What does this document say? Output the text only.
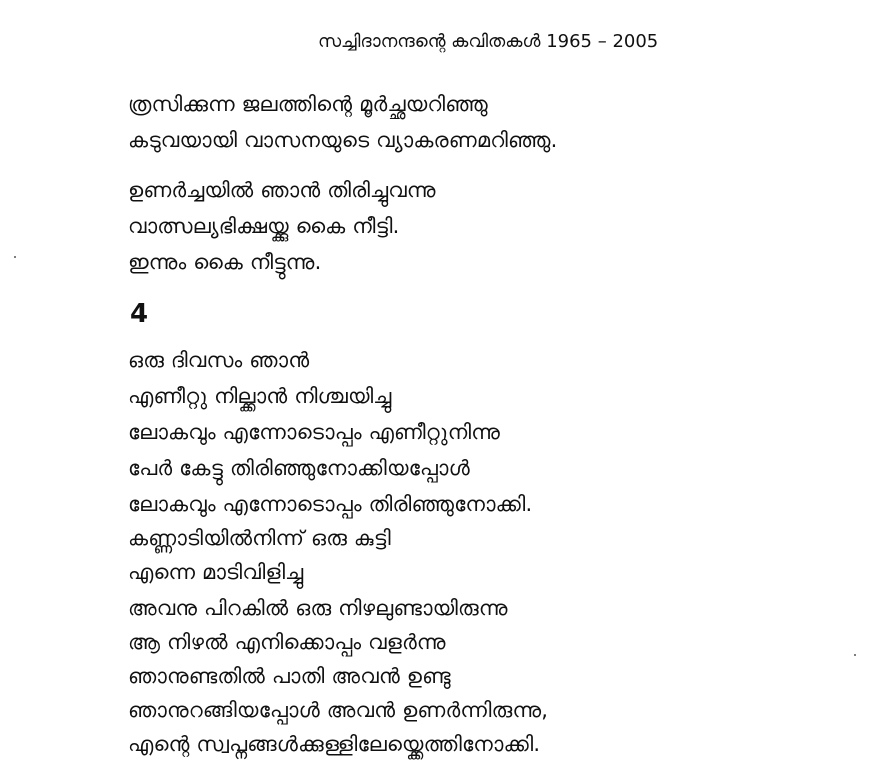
സച്ചിദാനന്ദന്റെ കവിതകൾ 1965 – 2005
ത്രസിക്കുന്ന ജലത്തിന്റെ മൂർച്ഛയറിഞ്ഞു
കടുവയായി വാസനയുടെ വ്യാകരണമറിഞ്ഞു.
ഉണർച്ചയിൽ ഞാൻ തിരിച്ചുവന്നു
വാത്സല്യഭിക്ഷയ്ക്കു കൈ നീട്ടി.
ഇന്നും കൈ നീട്ടുന്നു.
4
ഒരു ദിവസം ഞാൻ
എണീറ്റു നില്ക്കാൻ നിശ്ചയിച്ചു
ലോകവും എന്നോടൊപ്പം എണീറ്റുനിന്നു
പേർ കേട്ടു തിരിഞ്ഞുനോക്കിയപ്പോൾ
ലോകവും എന്നോടൊപ്പം തിരിഞ്ഞുനോക്കി.
കണ്ണാടിയിൽനിന്ന് ഒരു കുട്ടി
എന്നെ മാടിവിളിച്ചു
അവനു പിറകിൽ ഒരു നിഴലുണ്ടായിരുന്നു
ആ നിഴൽ എനിക്കൊപ്പം വളർന്നു
ഞാനുണ്ടതിൽ പാതി അവൻ ഉണ്ടു
ഞാനുറങ്ങിയപ്പോൾ അവൻ ഉണർന്നിരുന്നു,
എന്റെ സ്വപ്നങ്ങൾക്കുള്ളിലേയ്ക്കെത്തിനോക്കി.
